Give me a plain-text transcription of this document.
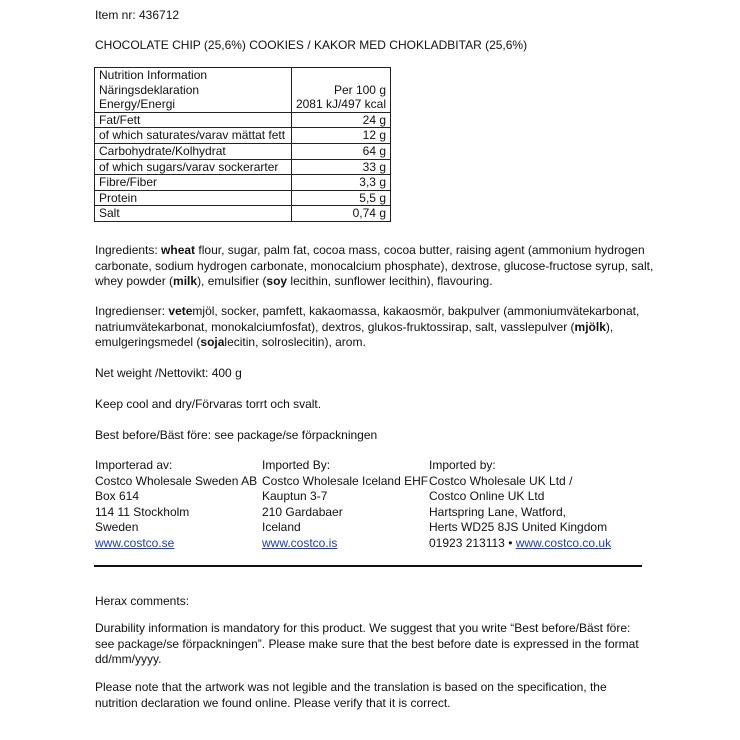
Item nr: 436712
CHOCOLATE CHIP (25,6%) COOKIES / KAKOR MED CHOKLADBITAR (25,6%)
Nutrition Information	
Näringsdeklaration	Per 100 g
Energy/Energi	2081 kJ/497 kcal
Fat/Fett	24 g
of which saturates/varav mättat fett	12 g
Carbohydrate/Kolhydrat	64 g
of which sugars/varav sockerarter	33 g
Fibre/Fiber	3,3 g
Protein	5,5 g
Salt	0,74 g
Ingredients: wheat flour, sugar, palm fat, cocoa mass, cocoa butter, raising agent (ammonium hydrogen carbonate, sodium hydrogen carbonate, monocalcium phosphate), dextrose, glucose-fructose syrup, salt, whey powder (milk), emulsifier (soy lecithin, sunflower lecithin), flavouring.
Ingredienser: vetemjöl, socker, pamfett, kakaomassa, kakaosmör, bakpulver (ammoniumvätekarbonat, natriumvätekarbonat, monokalciumfosfat), dextros, glukos-fruktossirap, salt, vasslepulver (mjölk), emulgeringsmedel (sojalecitin, solroslecitin), arom.
Net weight /Nettovikt: 400 g
Keep cool and dry/Förvaras torrt och svalt.
Best before/Bäst före: see package/se förpackningen
Importerad av:
Costco Wholesale Sweden AB
Box 614
114 11 Stockholm
Sweden
www.costco.se
Imported By:
Costco Wholesale Iceland EHF
Kauptun 3-7
210 Gardabaer
Iceland
www.costco.is
Imported by:
Costco Wholesale UK Ltd /
Costco Online UK Ltd
Hartspring Lane, Watford,
Herts WD25 8JS United Kingdom
01923 213113 • www.costco.co.uk
Herax comments:

Durability information is mandatory for this product. We suggest that you write “Best before/Bäst före: see package/se förpackningen”. Please make sure that the best before date is expressed in the format dd/mm/yyyy.

Please note that the artwork was not legible and the translation is based on the specification, the nutrition declaration we found online. Please verify that it is correct.
